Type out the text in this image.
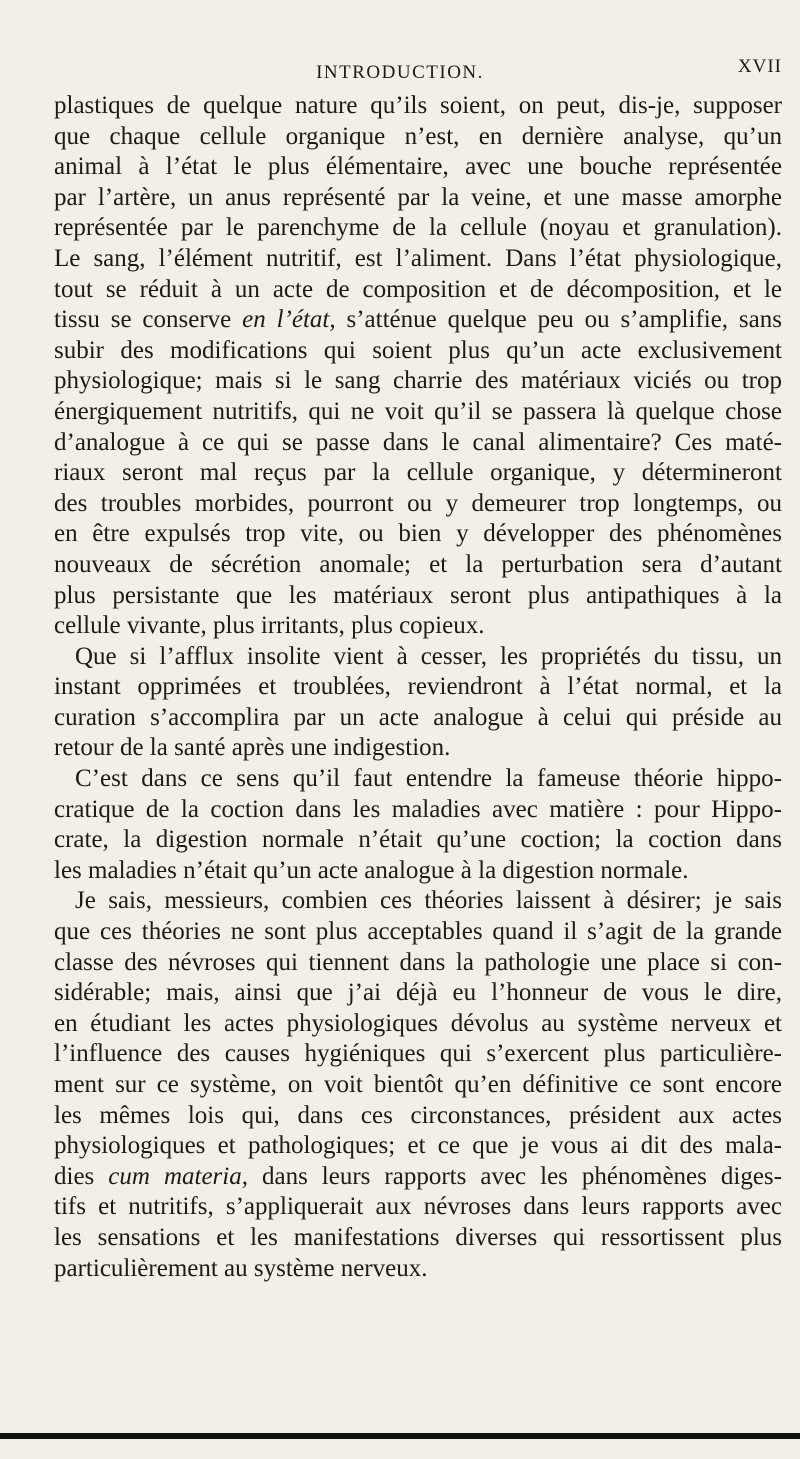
INTRODUCTION.	XVII
plastiques de quelque nature qu’ils soient, on peut, dis-je, supposer
que chaque cellule organique n’est, en dernière analyse, qu’un
animal à l’état le plus élémentaire, avec une bouche représentée
par l’artère, un anus représenté par la veine, et une masse amorphe
représentée par le parenchyme de la cellule (noyau et granulation).
Le sang, l’élément nutritif, est l’aliment. Dans l’état physiologique,
tout se réduit à un acte de composition et de décomposition, et le
tissu se conserve en l’état, s’atténue quelque peu ou s’amplifie, sans
subir des modifications qui soient plus qu’un acte exclusivement
physiologique; mais si le sang charrie des matériaux viciés ou trop
énergiquement nutritifs, qui ne voit qu’il se passera là quelque chose
d’analogue à ce qui se passe dans le canal alimentaire? Ces maté-
riaux seront mal reçus par la cellule organique, y détermineront
des troubles morbides, pourront ou y demeurer trop longtemps, ou
en être expulsés trop vite, ou bien y développer des phénomènes
nouveaux de sécrétion anomale; et la perturbation sera d’autant
plus persistante que les matériaux seront plus antipathiques à la
cellule vivante, plus irritants, plus copieux.
Que si l’afflux insolite vient à cesser, les propriétés du tissu, un
instant opprimées et troublées, reviendront à l’état normal, et la
curation s’accomplira par un acte analogue à celui qui préside au
retour de la santé après une indigestion.
C’est dans ce sens qu’il faut entendre la fameuse théorie hippo-
cratique de la coction dans les maladies avec matière : pour Hippo-
crate, la digestion normale n’était qu’une coction; la coction dans
les maladies n’était qu’un acte analogue à la digestion normale.
Je sais, messieurs, combien ces théories laissent à désirer; je sais
que ces théories ne sont plus acceptables quand il s’agit de la grande
classe des névroses qui tiennent dans la pathologie une place si con-
sidérable; mais, ainsi que j’ai déjà eu l’honneur de vous le dire,
en étudiant les actes physiologiques dévolus au système nerveux et
l’influence des causes hygiéniques qui s’exercent plus particulière-
ment sur ce système, on voit bientôt qu’en définitive ce sont encore
les mêmes lois qui, dans ces circonstances, président aux actes
physiologiques et pathologiques; et ce que je vous ai dit des mala-
dies cum materia, dans leurs rapports avec les phénomènes diges-
tifs et nutritifs, s’appliquerait aux névroses dans leurs rapports avec
les sensations et les manifestations diverses qui ressortissent plus
particulièrement au système nerveux.
